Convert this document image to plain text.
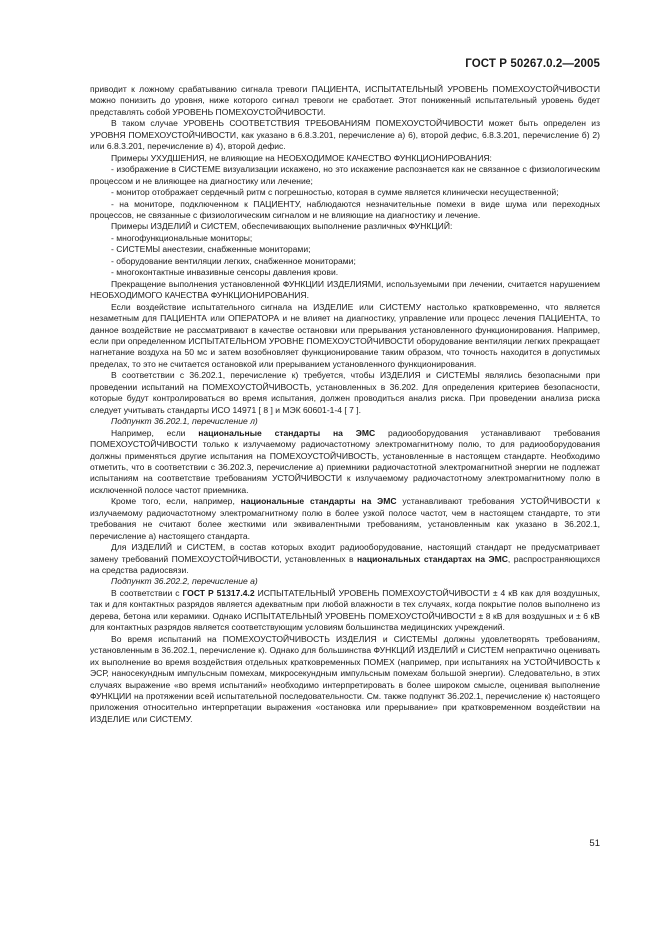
ГОСТ Р 50267.0.2—2005

приводит к ложному срабатыванию сигнала тревоги ПАЦИЕНТА, ИСПЫТАТЕЛЬНЫЙ УРОВЕНЬ ПОМЕХОУСТОЙЧИВОСТИ можно понизить до уровня, ниже которого сигнал тревоги не сработает. Этот пониженный испытательный уровень будет представлять собой УРОВЕНЬ ПОМЕХОУСТОЙЧИВОСТИ.

В таком случае УРОВЕНЬ СООТВЕТСТВИЯ ТРЕБОВАНИЯМ ПОМЕХОУСТОЙЧИВОСТИ может быть определен из УРОВНЯ ПОМЕХОУСТОЙЧИВОСТИ, как указано в 6.8.3.201, перечисление а) 6), второй дефис, 6.8.3.201, перечисление б) 2) или 6.8.3.201, перечисление в) 4), второй дефис.

Примеры УХУДШЕНИЯ, не влияющие на НЕОБХОДИМОЕ КАЧЕСТВО ФУНКЦИОНИРОВАНИЯ:

- изображение в СИСТЕМЕ визуализации искажено, но это искажение распознается как не связанное с физиологическим процессом и не влияющее на диагностику или лечение;

- монитор отображает сердечный ритм с погрешностью, которая в сумме является клинически несущественной;

- на мониторе, подключенном к ПАЦИЕНТУ, наблюдаются незначительные помехи в виде шума или переходных процессов, не связанные с физиологическим сигналом и не влияющие на диагностику и лечение.

Примеры ИЗДЕЛИЙ и СИСТЕМ, обеспечивающих выполнение различных ФУНКЦИЙ:

- многофункциональные мониторы;

- СИСТЕМЫ анестезии, снабженные мониторами;

- оборудование вентиляции легких, снабженное мониторами;

- многоконтактные инвазивные сенсоры давления крови.

Прекращение выполнения установленной ФУНКЦИИ ИЗДЕЛИЯМИ, используемыми при лечении, считается нарушением НЕОБХОДИМОГО КАЧЕСТВА ФУНКЦИОНИРОВАНИЯ.

Если воздействие испытательного сигнала на ИЗДЕЛИЕ или СИСТЕМУ настолько кратковременно, что является незаметным для ПАЦИЕНТА или ОПЕРАТОРА и не влияет на диагностику, управление или процесс лечения ПАЦИЕНТА, то данное воздействие не рассматривают в качестве остановки или прерывания установленного функционирования. Например, если при определенном ИСПЫТАТЕЛЬНОМ УРОВНЕ ПОМЕХОУСТОЙЧИВОСТИ оборудование вентиляции легких прекращает нагнетание воздуха на 50 мс и затем возобновляет функционирование таким образом, что точность находится в допустимых пределах, то это не считается остановкой или прерыванием установленного функционирования.

В соответствии с 36.202.1, перечисление к) требуется, чтобы ИЗДЕЛИЯ и СИСТЕМЫ являлись безопасными при проведении испытаний на ПОМЕХОУСТОЙЧИВОСТЬ, установленных в 36.202. Для определения критериев безопасности, которые будут контролироваться во время испытания, должен проводиться анализ риска. При проведении анализа риска следует учитывать стандарты ИСО 14971 [ 8 ] и МЭК 60601-1-4 [ 7 ].

Подпункт 36.202.1, перечисление л)

Например, если национальные стандарты на ЭМС радиооборудования устанавливают требования ПОМЕХОУСТОЙЧИВОСТИ только к излучаемому радиочастотному электромагнитному полю, то для радиооборудования должны применяться другие испытания на ПОМЕХОУСТОЙЧИВОСТЬ, установленные в настоящем стандарте. Необходимо отметить, что в соответствии с 36.202.3, перечисление а) приемники радиочастотной электромагнитной энергии не подлежат испытаниям на соответствие требованиям УСТОЙЧИВОСТИ к излучаемому радиочастотному электромагнитному полю в исключенной полосе частот приемника.

Кроме того, если, например, национальные стандарты на ЭМС устанавливают требования УСТОЙЧИВОСТИ к излучаемому радиочастотному электромагнитному полю в более узкой полосе частот, чем в настоящем стандарте, то эти требования не считают более жесткими или эквивалентными требованиям, установленным как указано в 36.202.1, перечисление а) настоящего стандарта.

Для ИЗДЕЛИЙ и СИСТЕМ, в состав которых входит радиооборудование, настоящий стандарт не предусматривает замену требований ПОМЕХОУСТОЙЧИВОСТИ, установленных в национальных стандартах на ЭМС, распространяющихся на средства радиосвязи.

Подпункт 36.202.2, перечисление а)

В соответствии с ГОСТ Р 51317.4.2 ИСПЫТАТЕЛЬНЫЙ УРОВЕНЬ ПОМЕХОУСТОЙЧИВОСТИ ± 4 кВ как для воздушных, так и для контактных разрядов является адекватным при любой влажности в тех случаях, когда покрытие полов выполнено из дерева, бетона или керамики. Однако ИСПЫТАТЕЛЬНЫЙ УРОВЕНЬ ПОМЕХОУСТОЙЧИВОСТИ ± 8 кВ для воздушных и ± 6 кВ для контактных разрядов является соответствующим условиям большинства медицинских учреждений.

Во время испытаний на ПОМЕХОУСТОЙЧИВОСТЬ ИЗДЕЛИЯ и СИСТЕМЫ должны удовлетворять требованиям, установленным в 36.202.1, перечисление к). Однако для большинства ФУНКЦИЙ ИЗДЕЛИЙ и СИСТЕМ непрактично оценивать их выполнение во время воздействия отдельных кратковременных ПОМЕХ (например, при испытаниях на УСТОЙЧИВОСТЬ к ЭСР, наносекундным импульсным помехам, микросекундным импульсным помехам большой энергии). Следовательно, в этих случаях выражение «во время испытаний» необходимо интерпретировать в более широком смысле, оценивая выполнение ФУНКЦИИ на протяжении всей испытательной последовательности. См. также подпункт 36.202.1, перечисление к) настоящего приложения относительно интерпретации выражения «остановка или прерывание» при кратковременном воздействии на ИЗДЕЛИЕ или СИСТЕМУ.

51
